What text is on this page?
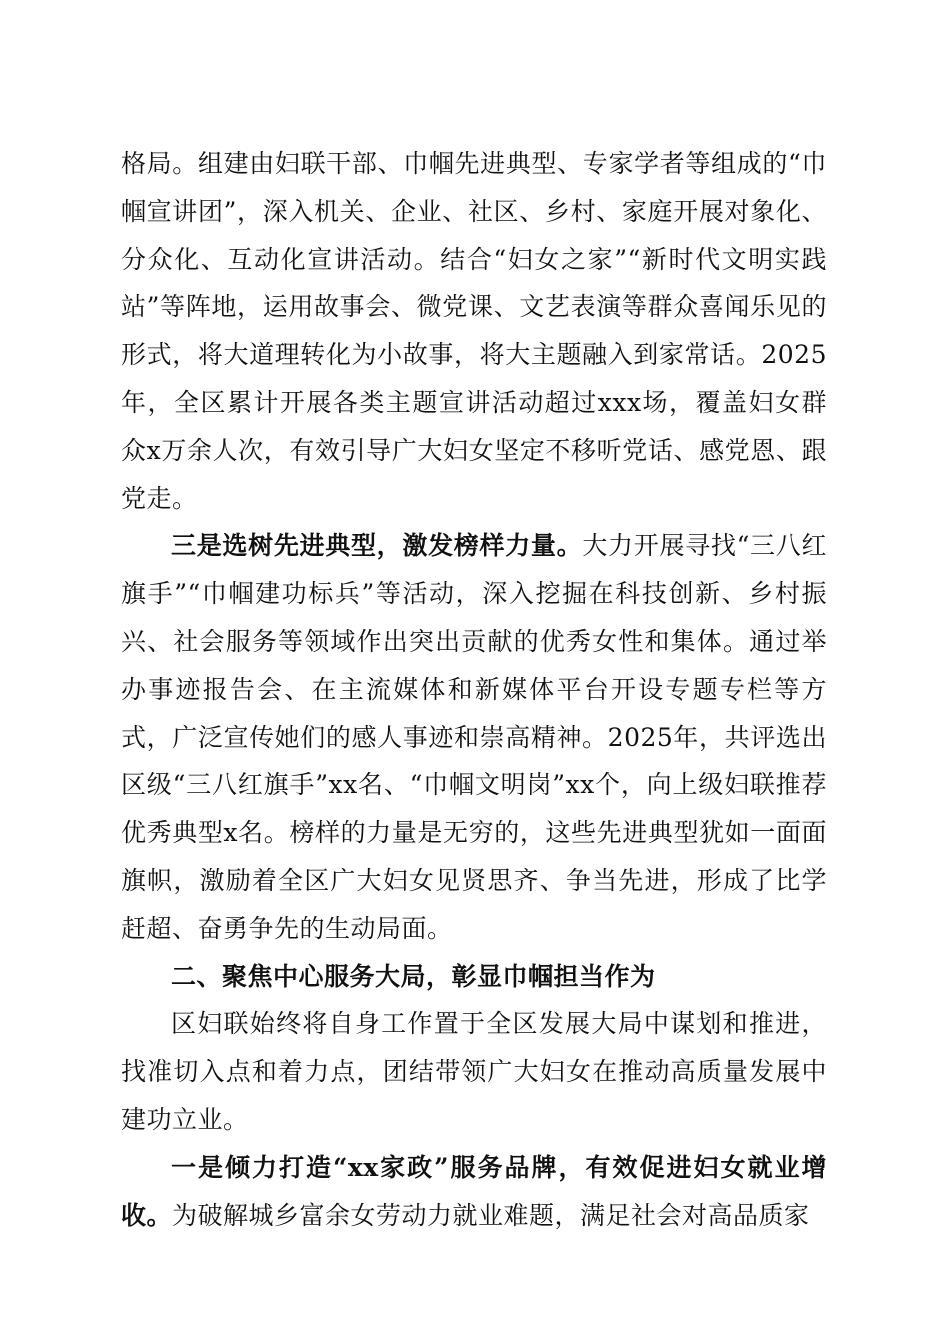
格局。组建由妇联干部、巾帼先进典型、专家学者等组成的“巾帼宣讲团”，深入机关、企业、社区、乡村、家庭开展对象化、分众化、互动化宣讲活动。结合“妇女之家”“新时代文明实践站”等阵地，运用故事会、微党课、文艺表演等群众喜闻乐见的形式，将大道理转化为小故事，将大主题融入到家常话。2025年，全区累计开展各类主题宣讲活动超过xxx场，覆盖妇女群众x万余人次，有效引导广大妇女坚定不移听党话、感党恩、跟党走。

三是选树先进典型，激发榜样力量。大力开展寻找“三八红旗手”“巾帼建功标兵”等活动，深入挖掘在科技创新、乡村振兴、社会服务等领域作出突出贡献的优秀女性和集体。通过举办事迹报告会、在主流媒体和新媒体平台开设专题专栏等方式，广泛宣传她们的感人事迹和崇高精神。2025年，共评选出区级“三八红旗手”xx名、“巾帼文明岗”xx个，向上级妇联推荐优秀典型x名。榜样的力量是无穷的，这些先进典型犹如一面面旗帜，激励着全区广大妇女见贤思齐、争当先进，形成了比学赶超、奋勇争先的生动局面。

二、聚焦中心服务大局，彰显巾帼担当作为

区妇联始终将自身工作置于全区发展大局中谋划和推进，找准切入点和着力点，团结带领广大妇女在推动高质量发展中建功立业。

一是倾力打造“xx家政”服务品牌，有效促进妇女就业增收。为破解城乡富余女劳动力就业难题，满足社会对高品质家
